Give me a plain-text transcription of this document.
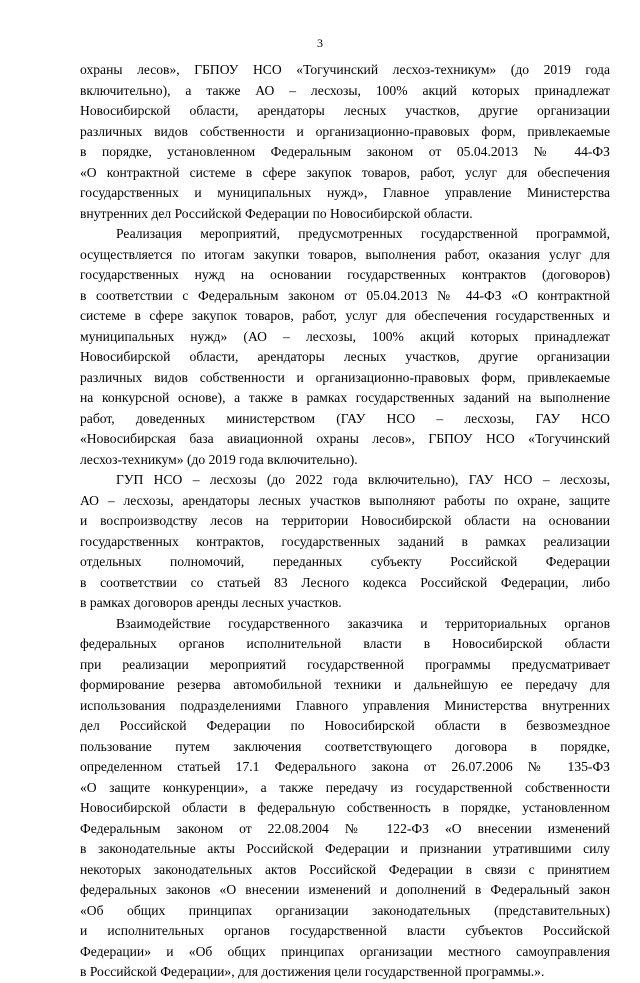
3
охраны лесов», ГБПОУ НСО «Тогучинский лесхоз-техникум» (до 2019 года
включительно), а также АО – лесхозы, 100% акций которых принадлежат
Новосибирской области, арендаторы лесных участков, другие организации
различных видов собственности и организационно-правовых форм, привлекаемые
в порядке, установленном Федеральным законом от 05.04.2013 № 44-ФЗ
«О контрактной системе в сфере закупок товаров, работ, услуг для обеспечения
государственных и муниципальных нужд», Главное управление Министерства
внутренних дел Российской Федерации по Новосибирской области.
Реализация мероприятий, предусмотренных государственной программой,
осуществляется по итогам закупки товаров, выполнения работ, оказания услуг для
государственных нужд на основании государственных контрактов (договоров)
в соответствии с Федеральным законом от 05.04.2013 № 44-ФЗ «О контрактной
системе в сфере закупок товаров, работ, услуг для обеспечения государственных и
муниципальных нужд» (АО – лесхозы, 100% акций которых принадлежат
Новосибирской области, арендаторы лесных участков, другие организации
различных видов собственности и организационно-правовых форм, привлекаемые
на конкурсной основе), а также в рамках государственных заданий на выполнение
работ, доведенных министерством (ГАУ НСО – лесхозы, ГАУ НСО
«Новосибирская база авиационной охраны лесов», ГБПОУ НСО «Тогучинский
лесхоз-техникум» (до 2019 года включительно).
ГУП НСО – лесхозы (до 2022 года включительно), ГАУ НСО – лесхозы,
АО – лесхозы, арендаторы лесных участков выполняют работы по охране, защите
и воспроизводству лесов на территории Новосибирской области на основании
государственных контрактов, государственных заданий в рамках реализации
отдельных полномочий, переданных субъекту Российской Федерации
в соответствии со статьей 83 Лесного кодекса Российской Федерации, либо
в рамках договоров аренды лесных участков.
Взаимодействие государственного заказчика и территориальных органов
федеральных органов исполнительной власти в Новосибирской области
при реализации мероприятий государственной программы предусматривает
формирование резерва автомобильной техники и дальнейшую ее передачу для
использования подразделениями Главного управления Министерства внутренних
дел Российской Федерации по Новосибирской области в безвозмездное
пользование путем заключения соответствующего договора в порядке,
определенном статьей 17.1 Федерального закона от 26.07.2006 № 135-ФЗ
«О защите конкуренции», а также передачу из государственной собственности
Новосибирской области в федеральную собственность в порядке, установленном
Федеральным законом от 22.08.2004 № 122-ФЗ «О внесении изменений
в законодательные акты Российской Федерации и признании утратившими силу
некоторых законодательных актов Российской Федерации в связи с принятием
федеральных законов «О внесении изменений и дополнений в Федеральный закон
«Об общих принципах организации законодательных (представительных)
и исполнительных органов государственной власти субъектов Российской
Федерации» и «Об общих принципах организации местного самоуправления
в Российской Федерации», для достижения цели государственной программы.».
